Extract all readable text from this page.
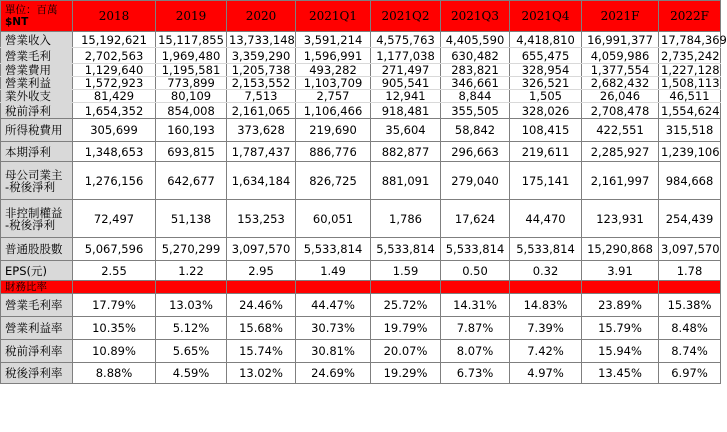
單位：百萬
$NT	2018	2019	2020	2021Q1	2021Q2	2021Q3	2021Q4	2021F	2022F

營業收入	15,192,621	15,117,855	13,733,148	3,591,214	4,575,763	4,405,590	4,418,810	16,991,377	17,784,369

營業毛利	2,702,563	1,969,480	3,359,290	1,596,991	1,177,038	630,482	655,475	4,059,986	2,735,242

營業費用	1,129,640	1,195,581	1,205,738	493,282	271,497	283,821	328,954	1,377,554	1,227,128

營業利益	1,572,923	773,899	2,153,552	1,103,709	905,541	346,661	326,521	2,682,432	1,508,113

業外收支	81,429	80,109	7,513	2,757	12,941	8,844	1,505	26,046	46,511

稅前淨利	1,654,352	854,008	2,161,065	1,106,466	918,481	355,505	328,026	2,708,478	1,554,624

所得稅費用	305,699	160,193	373,628	219,690	35,604	58,842	108,415	422,551	315,518

本期淨利	1,348,653	693,815	1,787,437	886,776	882,877	296,663	219,611	2,285,927	1,239,106

母公司業主
-稅後淨利	1,276,156	642,677	1,634,184	826,725	881,091	279,040	175,141	2,161,997	984,668

非控制權益
-稅後淨利	72,497	51,138	153,253	60,051	1,786	17,624	44,470	123,931	254,439

普通股股數	5,067,596	5,270,299	3,097,570	5,533,814	5,533,814	5,533,814	5,533,814	15,290,868	3,097,570

EPS(元)	2.55	1.22	2.95	1.49	1.59	0.50	0.32	3.91	1.78
財務比率									

營業毛利率	17.79%	13.03%	24.46%	44.47%	25.72%	14.31%	14.83%	23.89%	15.38%

營業利益率	10.35%	5.12%	15.68%	30.73%	19.79%	7.87%	7.39%	15.79%	8.48%

稅前淨利率	10.89%	5.65%	15.74%	30.81%	20.07%	8.07%	7.42%	15.94%	8.74%

稅後淨利率	8.88%	4.59%	13.02%	24.69%	19.29%	6.73%	4.97%	13.45%	6.97%
